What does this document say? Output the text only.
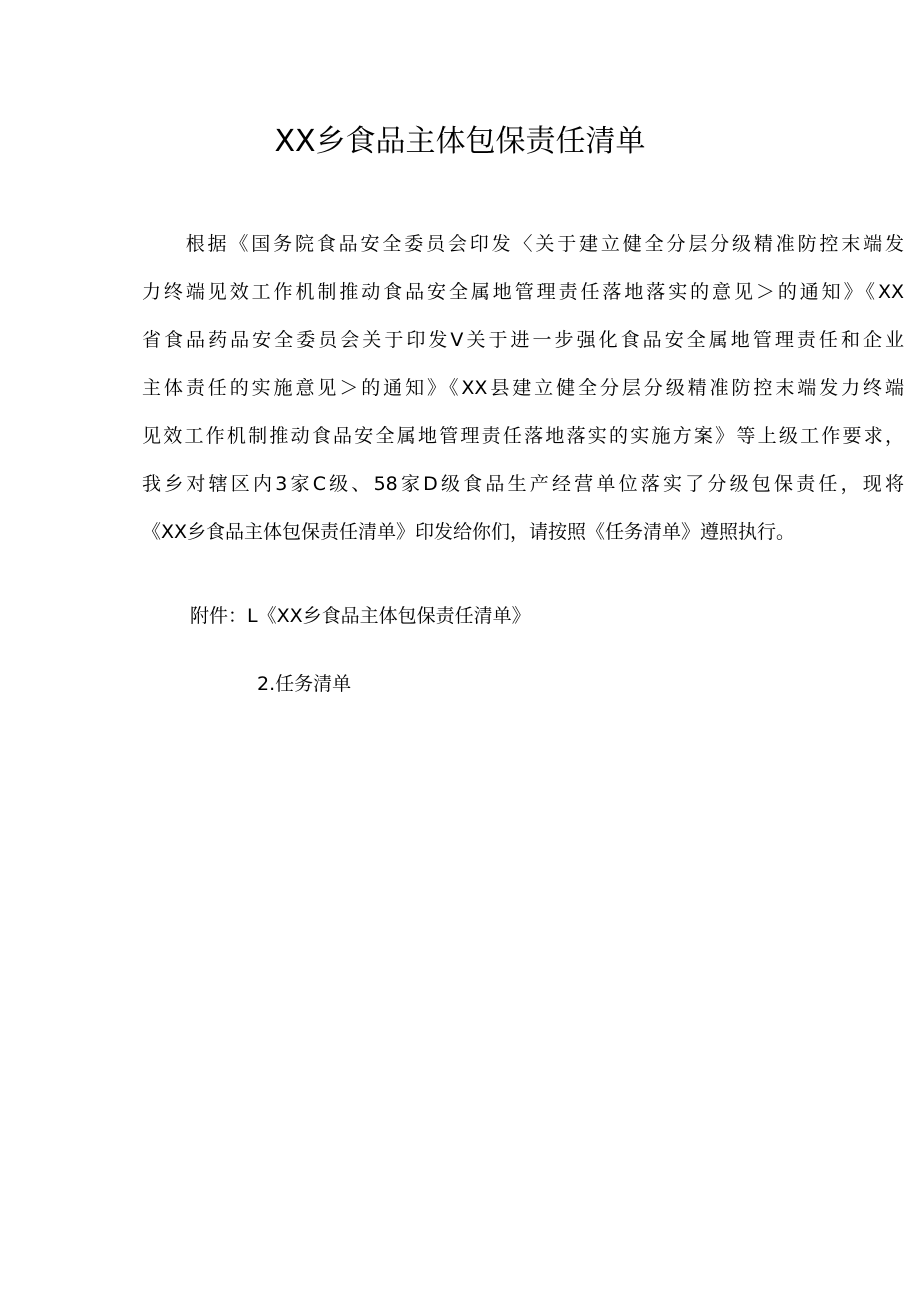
XX乡食品主体包保责任清单
　　根据《国务院食品安全委员会印发〈关于建立健全分层分级精准防控末端发
力终端见效工作机制推动食品安全属地管理责任落地落实的意见＞的通知》《XX
省食品药品安全委员会关于印发Ⅴ关于进一步强化食品安全属地管理责任和企业
主体责任的实施意见＞的通知》《XX县建立健全分层分级精准防控末端发力终端
见效工作机制推动食品安全属地管理责任落地落实的实施方案》等上级工作要求，
我乡对辖区内3家C级、58家D级食品生产经营单位落实了分级包保责任，现将
《XX乡食品主体包保责任清单》印发给你们，请按照《任务清单》遵照执行。
附件：L《XX乡食品主体包保责任清单》
2.任务清单
